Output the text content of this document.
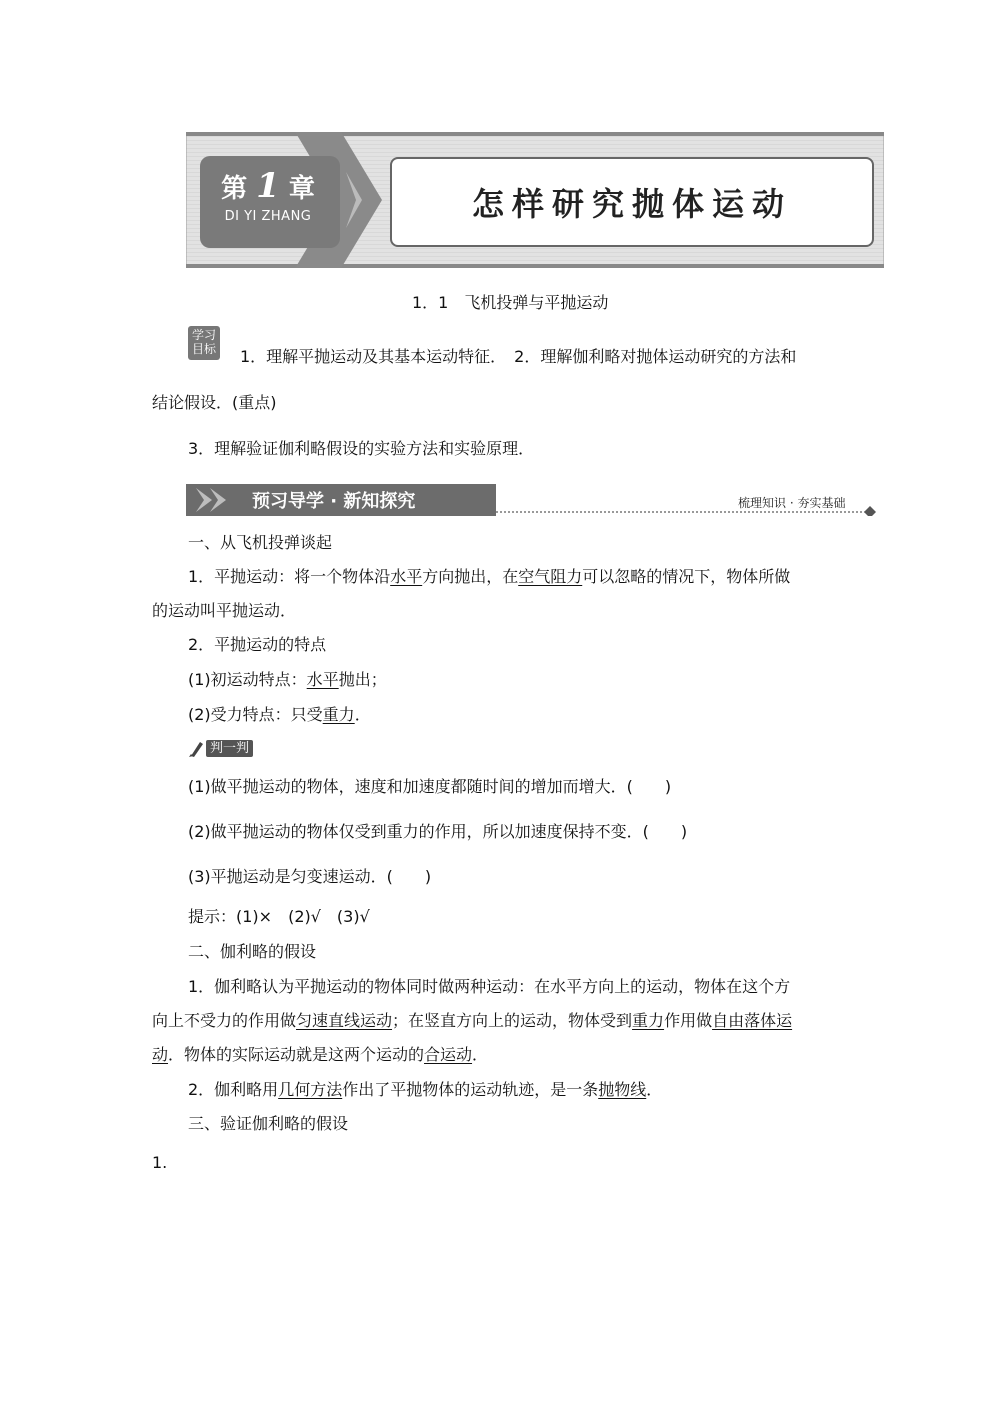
第 1 章
DI YI ZHANG	怎样研究抛体运动
1．1　飞机投弹与平抛运动
学习
目标 1．理解平抛运动及其基本运动特征．　2．理解伽利略对抛体运动研究的方法和
结论假设．(重点)
3．理解验证伽利略假设的实验方法和实验原理．
预习导学 · 新知探究	梳理知识 · 夯实基础
一、从飞机投弹谈起
1．平抛运动：将一个物体沿水平方向抛出，在空气阻力可以忽略的情况下，物体所做
的运动叫平抛运动．
2．平抛运动的特点
(1)初运动特点：水平抛出；
(2)受力特点：只受重力．
判一判
(1)做平抛运动的物体，速度和加速度都随时间的增加而增大．(　　)
(2)做平抛运动的物体仅受到重力的作用，所以加速度保持不变．(　　)
(3)平抛运动是匀变速运动．(　　)
提示：(1)×　(2)√　(3)√
二、伽利略的假设
1．伽利略认为平抛运动的物体同时做两种运动：在水平方向上的运动，物体在这个方
向上不受力的作用做匀速直线运动；在竖直方向上的运动，物体受到重力作用做自由落体运
动．物体的实际运动就是这两个运动的合运动．
2．伽利略用几何方法作出了平抛物体的运动轨迹，是一条抛物线．
三、验证伽利略的假设
1.
